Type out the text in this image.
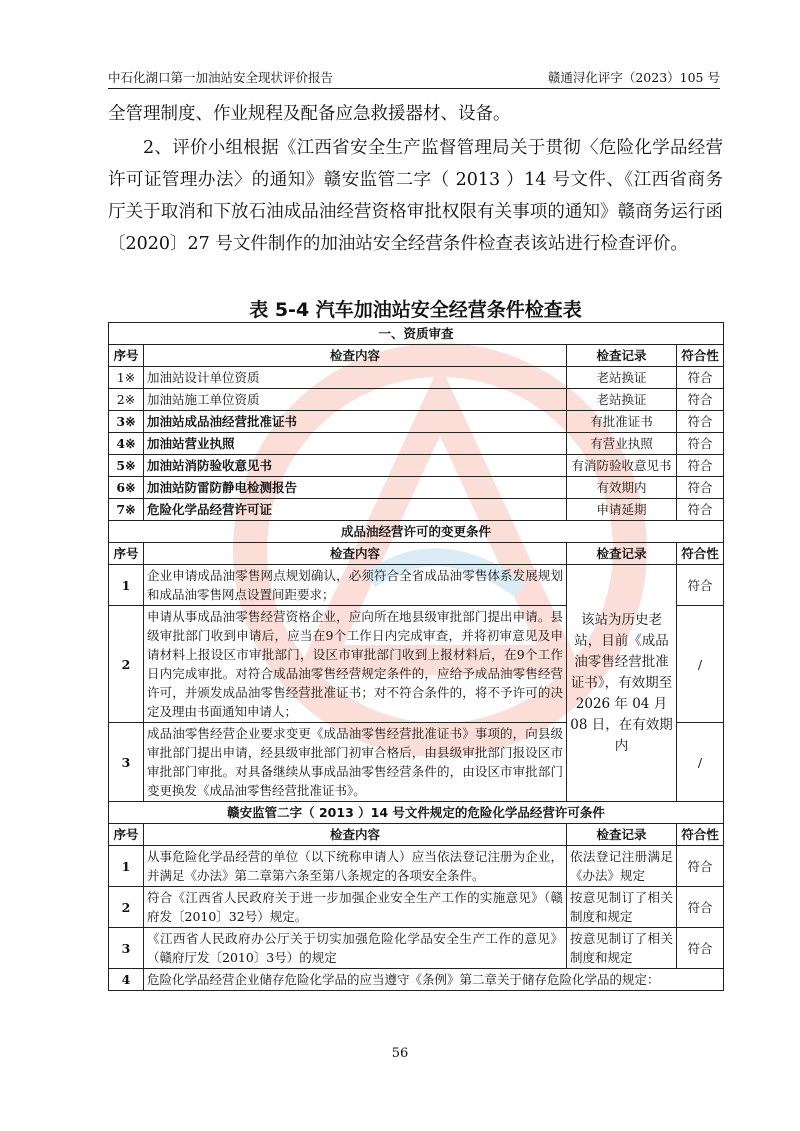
中石化湖口第一加油站安全现状评价报告	赣通浔化评字（2023）105 号
全管理制度、作业规程及配备应急救援器材、设备。
2、评价小组根据《江西省安全生产监督管理局关于贯彻〈危险化学品经营许可证管理办法〉的通知》赣安监管二字（ 2013 ）14 号文件、《江西省商务厅关于取消和下放石油成品油经营资格审批权限有关事项的通知》赣商务运行函〔2020〕27 号文件制作的加油站安全经营条件检查表该站进行检查评价。
表 5-4 汽车加油站安全经营条件检查表
一、资质审查			
序号	检查内容	检查记录	符合性
1※	加油站设计单位资质	老站换证	符合
2※	加油站施工单位资质	老站换证	符合
3※	加油站成品油经营批准证书	有批准证书	符合
4※	加油站营业执照	有营业执照	符合
5※	加油站消防验收意见书	有消防验收意见书	符合
6※	加油站防雷防静电检测报告	有效期内	符合
7※	危险化学品经营许可证	申请延期	符合
成品油经营许可的变更条件			
序号	检查内容	检查记录	符合性
1	企业申请成品油零售网点规划确认，必须符合全省成品油零售体系发展规划和成品油零售网点设置间距要求；	该站为历史老站，目前《成品油零售经营批准证书》，有效期至 2026 年 04 月 08 日，在有效期内	符合
2	申请从事成品油零售经营资格企业，应向所在地县级审批部门提出申请。县级审批部门收到申请后，应当在9个工作日内完成审查，并将初审意见及申请材料上报设区市审批部门，设区市审批部门收到上报材料后，在9个工作日内完成审批。对符合成品油零售经营规定条件的，应给予成品油零售经营许可，并颁发成品油零售经营批准证书；对不符合条件的，将不予许可的决定及理由书面通知申请人；		/
3	成品油零售经营企业要求变更《成品油零售经营批准证书》事项的，向县级审批部门提出申请，经县级审批部门初审合格后，由县级审批部门报设区市审批部门审批。对具备继续从事成品油零售经营条件的，由设区市审批部门变更换发《成品油零售经营批准证书》。		/
赣安监管二字（ 2013 ）14 号文件规定的危险化学品经营许可条件			
序号	检查内容	检查记录	符合性
1	从事危险化学品经营的单位（以下统称申请人）应当依法登记注册为企业，并满足《办法》第二章第六条至第八条规定的各项安全条件。	依法登记注册满足《办法》规定	符合
2	符合《江西省人民政府关于进一步加强企业安全生产工作的实施意见》（赣府发〔2010〕32号）规定。	按意见制订了相关制度和规定	符合
3	《江西省人民政府办公厅关于切实加强危险化学品安全生产工作的意见》（赣府厅发〔2010〕3号）的规定	按意见制订了相关制度和规定	符合
4	危险化学品经营企业储存危险化学品的应当遵守《条例》第二章关于储存危险化学品的规定：		
56
